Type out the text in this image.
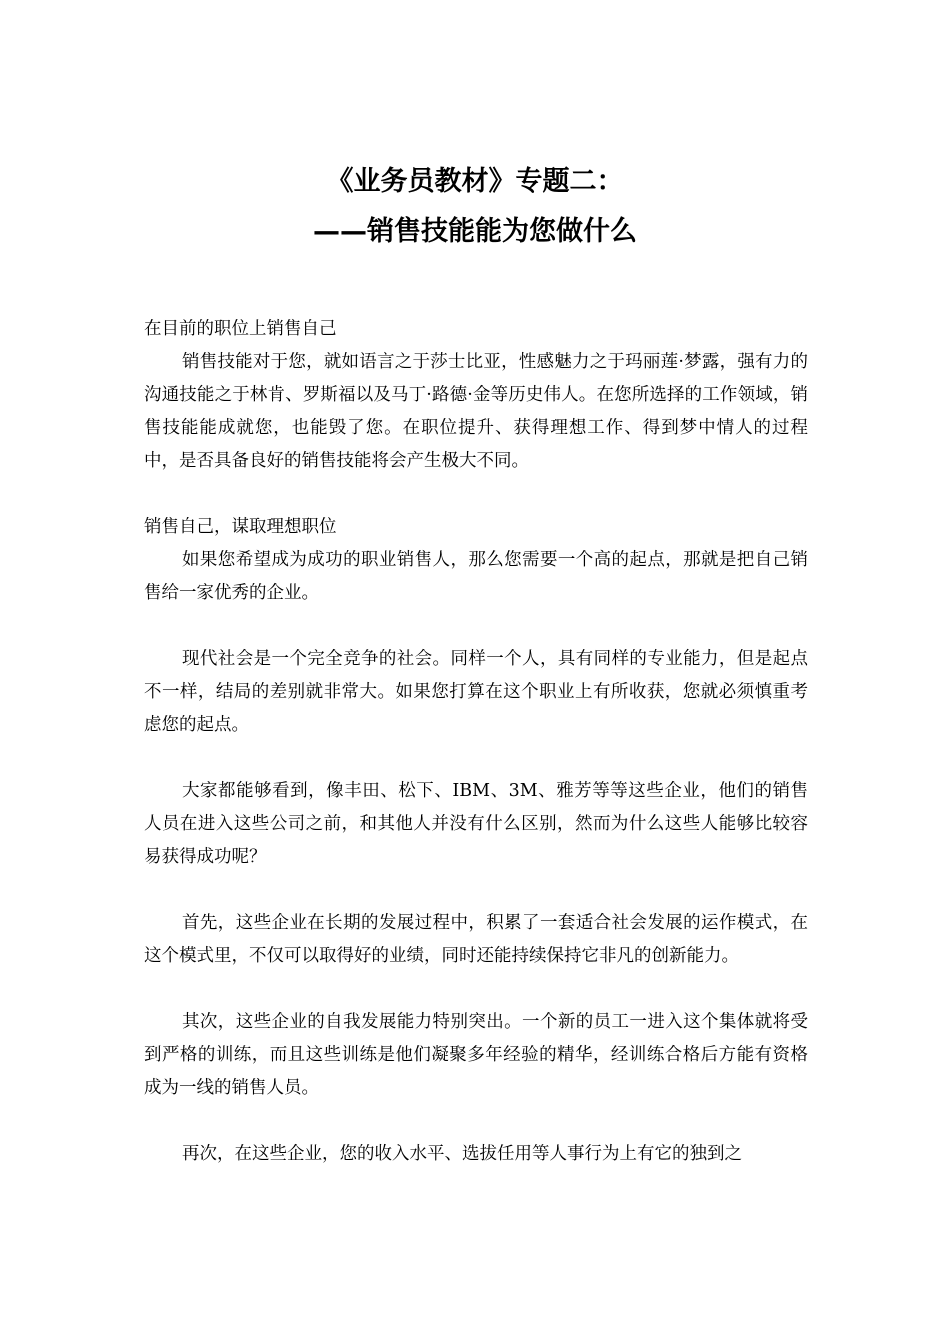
《业务员教材》专题二：
——销售技能能为您做什么

在目前的职位上销售自己

销售技能对于您，就如语言之于莎士比亚，性感魅力之于玛丽莲·梦露，强有力的沟通技能之于林肯、罗斯福以及马丁·路德·金等历史伟人。在您所选择的工作领域，销售技能能成就您，也能毁了您。在职位提升、获得理想工作、得到梦中情人的过程中，是否具备良好的销售技能将会产生极大不同。

销售自己，谋取理想职位

如果您希望成为成功的职业销售人，那么您需要一个高的起点，那就是把自己销售给一家优秀的企业。

现代社会是一个完全竞争的社会。同样一个人，具有同样的专业能力，但是起点不一样，结局的差别就非常大。如果您打算在这个职业上有所收获，您就必须慎重考虑您的起点。

大家都能够看到，像丰田、松下、IBM、3M、雅芳等等这些企业，他们的销售人员在进入这些公司之前，和其他人并没有什么区别，然而为什么这些人能够比较容易获得成功呢？

首先，这些企业在长期的发展过程中，积累了一套适合社会发展的运作模式，在这个模式里，不仅可以取得好的业绩，同时还能持续保持它非凡的创新能力。

其次，这些企业的自我发展能力特别突出。一个新的员工一进入这个集体就将受到严格的训练，而且这些训练是他们凝聚多年经验的精华，经训练合格后方能有资格成为一线的销售人员。

再次，在这些企业，您的收入水平、选拔任用等人事行为上有它的独到之
